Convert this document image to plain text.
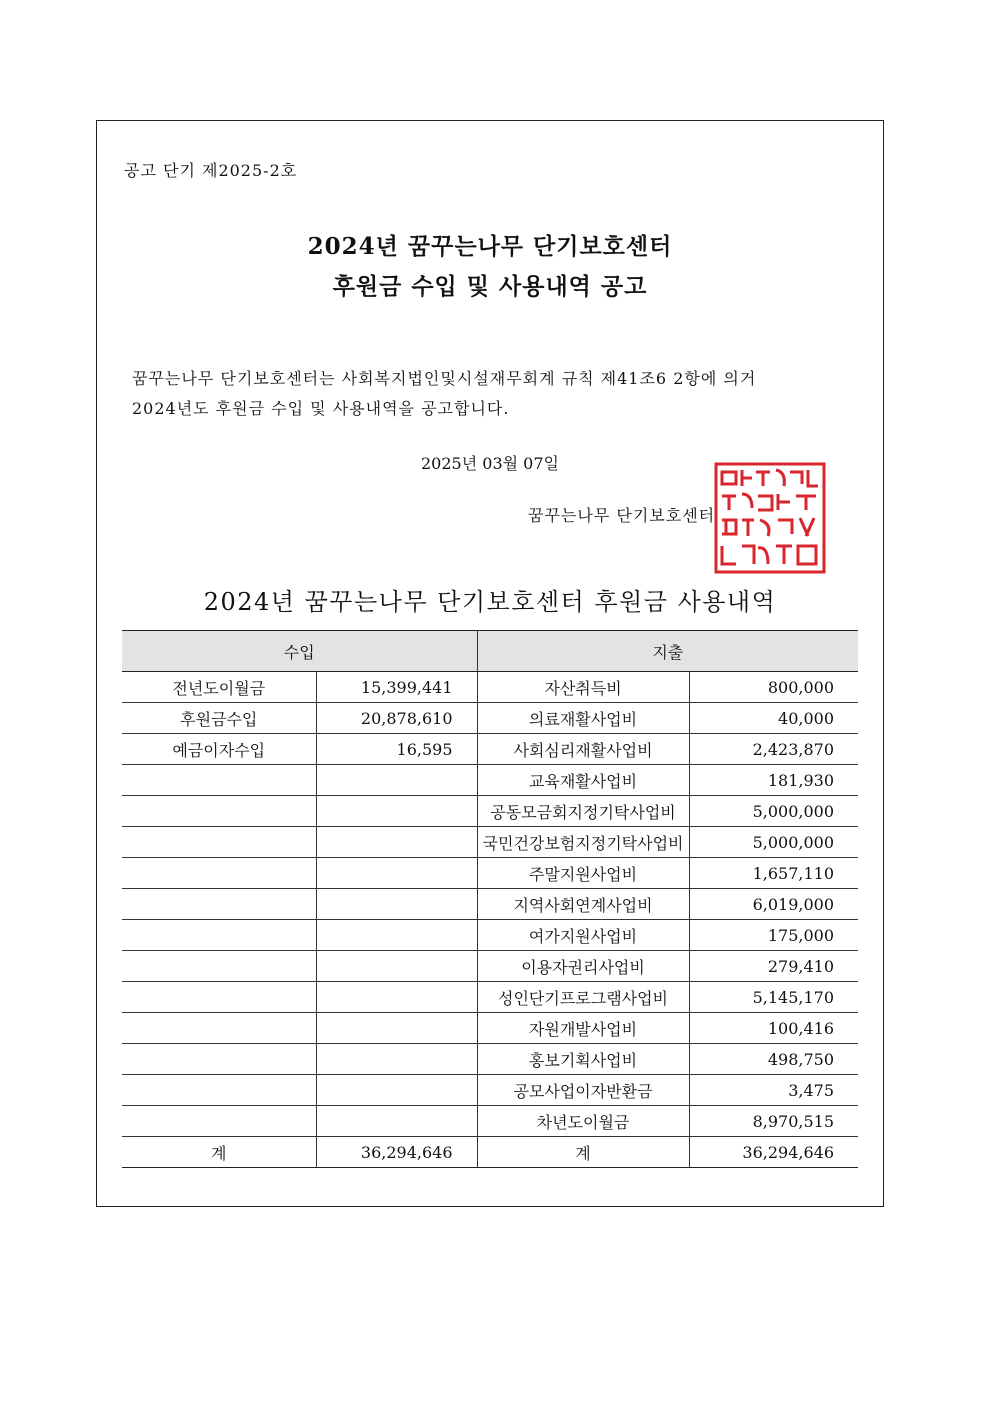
공고 단기 제2025-2호
2024년 꿈꾸는나무 단기보호센터
후원금 수입 및 사용내역 공고
꿈꾸는나무 단기보호센터는 사회복지법인및시설재무회계 규칙 제41조6 2항에 의거
2024년도 후원금 수입 및 사용내역을 공고합니다.
2025년 03월 07일
꿈꾸는나무 단기보호센터
2024년 꿈꾸는나무 단기보호센터 후원금 사용내역
수입		지출	
전년도이월금	15,399,441	자산취득비	800,000
후원금수입	20,878,610	의료재활사업비	40,000
예금이자수입	16,595	사회심리재활사업비	2,423,870
		교육재활사업비	181,930
		공동모금회지정기탁사업비	5,000,000
		국민건강보험지정기탁사업비	5,000,000
		주말지원사업비	1,657,110
		지역사회연계사업비	6,019,000
		여가지원사업비	175,000
		이용자권리사업비	279,410
		성인단기프로그램사업비	5,145,170
		자원개발사업비	100,416
		홍보기획사업비	498,750
		공모사업이자반환금	3,475
		차년도이월금	8,970,515
계	36,294,646	계	36,294,646
